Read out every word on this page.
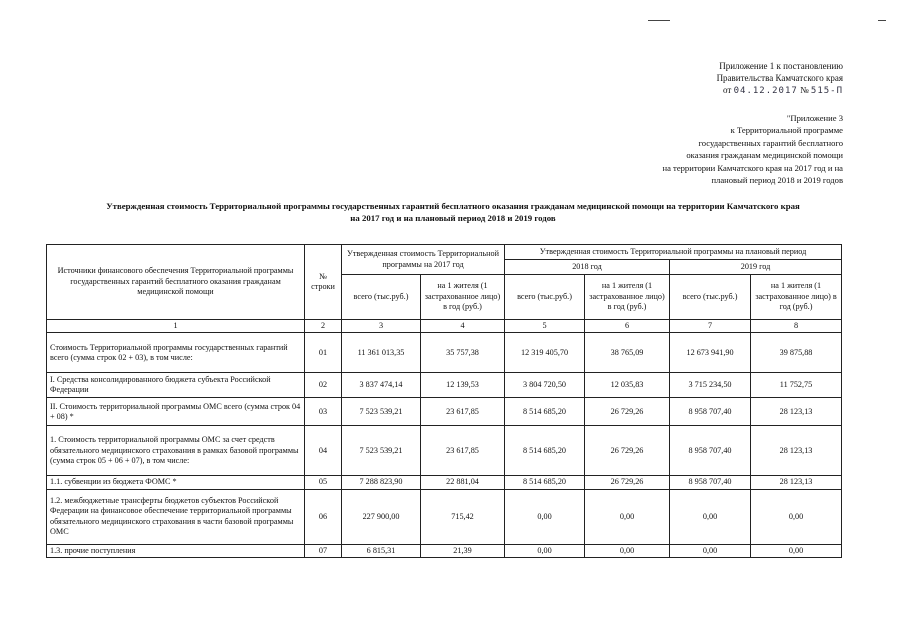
Приложение 1 к постановлению
Правительства Камчатского края
от 04.12.2017 № 515-П
"Приложение 3
к Территориальной программе
государственных гарантий бесплатного
оказания гражданам медицинской помощи
на территории Камчатского края на 2017 год и на
плановый период 2018 и 2019 годов
Утвержденная стоимость Территориальной программы государственных гарантий бесплатного оказания гражданам медицинской помощи на территории Камчатского края
на 2017 год и на плановый период 2018 и 2019 годов
Источники финансового обеспечения Территориальной программы государственных гарантий бесплатного оказания гражданам медицинской помощи	№ строки	Утвержденная стоимость Территориальной программы на 2017 год		Утвержденная стоимость Территориальной программы на плановый период			
				2018 год		2019 год	
		всего (тыс.руб.)	на 1 жителя (1 застрахованное лицо) в год (руб.)	всего (тыс.руб.)	на 1 жителя (1 застрахованное лицо) в год (руб.)	всего (тыс.руб.)	на 1 жителя (1 застрахованное лицо) в год (руб.)
1	2	3	4	5	6	7	8
Стоимость Территориальной программы государственных гарантий всего (сумма строк 02 + 03), в том числе:	01	11 361 013,35	35 757,38	12 319 405,70	38 765,09	12 673 941,90	39 875,88
I. Средства консолидированного бюджета субъекта Российской Федерации	02	3 837 474,14	12 139,53	3 804 720,50	12 035,83	3 715 234,50	11 752,75
II. Стоимость территориальной программы ОМС всего (сумма строк 04 + 08) *	03	7 523 539,21	23 617,85	8 514 685,20	26 729,26	8 958 707,40	28 123,13
1. Стоимость территориальной программы ОМС за счет средств обязательного медицинского страхования в рамках базовой программы (сумма строк 05 + 06 + 07), в том числе:	04	7 523 539,21	23 617,85	8 514 685,20	26 729,26	8 958 707,40	28 123,13
1.1. субвенции из бюджета ФОМС *	05	7 288 823,90	22 881,04	8 514 685,20	26 729,26	8 958 707,40	28 123,13
1.2. межбюджетные трансферты бюджетов субъектов Российской Федерации на финансовое обеспечение территориальной программы обязательного медицинского страхования в части базовой программы ОМС	06	227 900,00	715,42	0,00	0,00	0,00	0,00
1.3. прочие поступления	07	6 815,31	21,39	0,00	0,00	0,00	0,00
